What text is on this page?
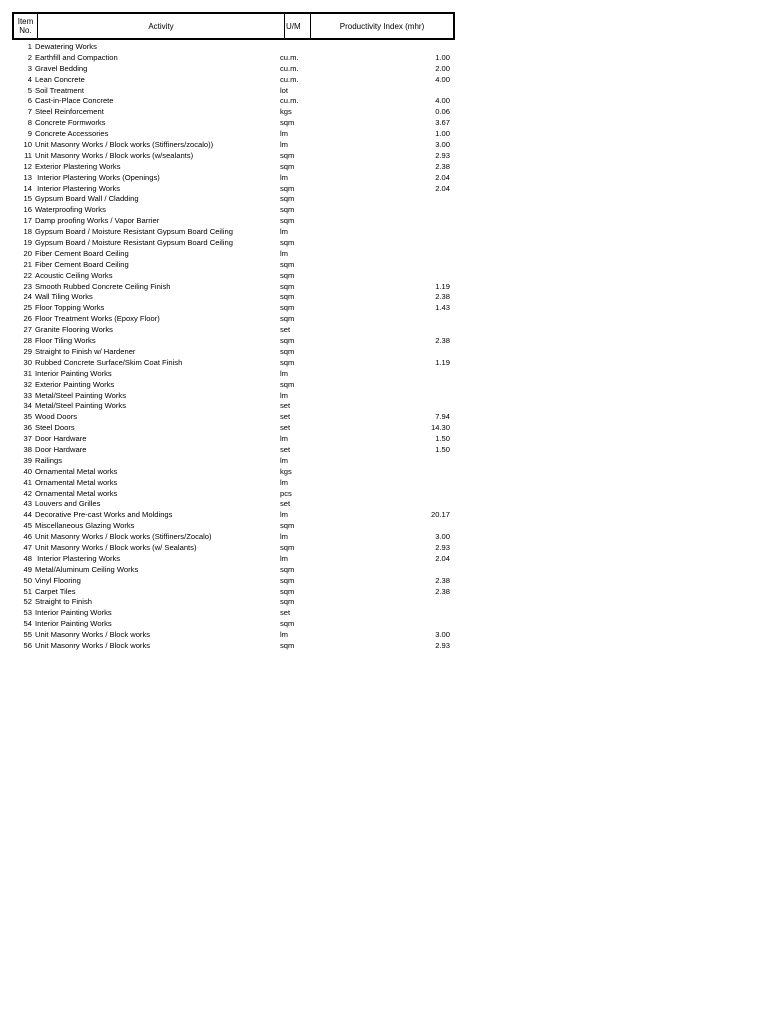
Item No.	Activity	U/M	Productivity Index (mhr)
1 Dewatering Works
2 Earthfill and Compaction	cu.m.	1.00
3 Gravel Bedding	cu.m.	2.00
4 Lean Concrete	cu.m.	4.00
5 Soil Treatment	lot
6 Cast-in-Place Concrete	cu.m.	4.00
7 Steel Reinforcement	kgs	0.06
8 Concrete Formworks	sqm	3.67
9 Concrete Accessories	lm	1.00
10 Unit Masonry Works / Block works (Stiffiners/zocalo))	lm	3.00
11 Unit Masonry Works / Block works (w/sealants)	sqm	2.93
12 Exterior Plastering Works	sqm	2.38
13 Interior Plastering Works (Openings)	lm	2.04
14 Interior Plastering Works	sqm	2.04
15 Gypsum Board Wall / Cladding	sqm
16 Waterproofing Works	sqm
17 Damp proofing Works / Vapor Barrier	sqm
18 Gypsum Board / Moisture Resistant Gypsum Board Ceiling	lm
19 Gypsum Board / Moisture Resistant Gypsum Board Ceiling	sqm
20 Fiber Cement Board Ceiling	lm
21 Fiber Cement Board Ceiling	sqm
22 Acoustic Ceiling Works	sqm
23 Smooth Rubbed Concrete Ceiling Finish	sqm	1.19
24 Wall Tiling Works	sqm	2.38
25 Floor Topping Works	sqm	1.43
26 Floor Treatment Works (Epoxy Floor)	sqm
27 Granite Flooring Works	set
28 Floor Tiling Works	sqm	2.38
29 Straight to Finish w/ Hardener	sqm
30 Rubbed Concrete Surface/Skim Coat Finish	sqm	1.19
31 Interior Painting Works	lm
32 Exterior Painting Works	sqm
33 Metal/Steel Painting Works	lm
34 Metal/Steel Painting Works	set
35 Wood Doors	set	7.94
36 Steel Doors	set	14.30
37 Door Hardware	lm	1.50
38 Door Hardware	set	1.50
39 Railings	lm
40 Ornamental Metal works	kgs
41 Ornamental Metal works	lm
42 Ornamental Metal works	pcs
43 Louvers and Grilles	set
44 Decorative Pre-cast Works and Moldings	lm	20.17
45 Miscellaneous Glazing Works	sqm
46 Unit Masonry Works / Block works (Stiffiners/Zocalo)	lm	3.00
47 Unit Masonry Works / Block works (w/ Sealants)	sqm	2.93
48 Interior Plastering Works	lm	2.04
49 Metal/Aluminum Ceiling Works	sqm
50 Vinyl Flooring	sqm	2.38
51 Carpet Tiles	sqm	2.38
52 Straight to Finish	sqm
53 Interior Painting Works	set
54 Interior Painting Works	sqm
55 Unit Masonry Works / Block works	lm	3.00
56 Unit Masonry Works / Block works	sqm	2.93
